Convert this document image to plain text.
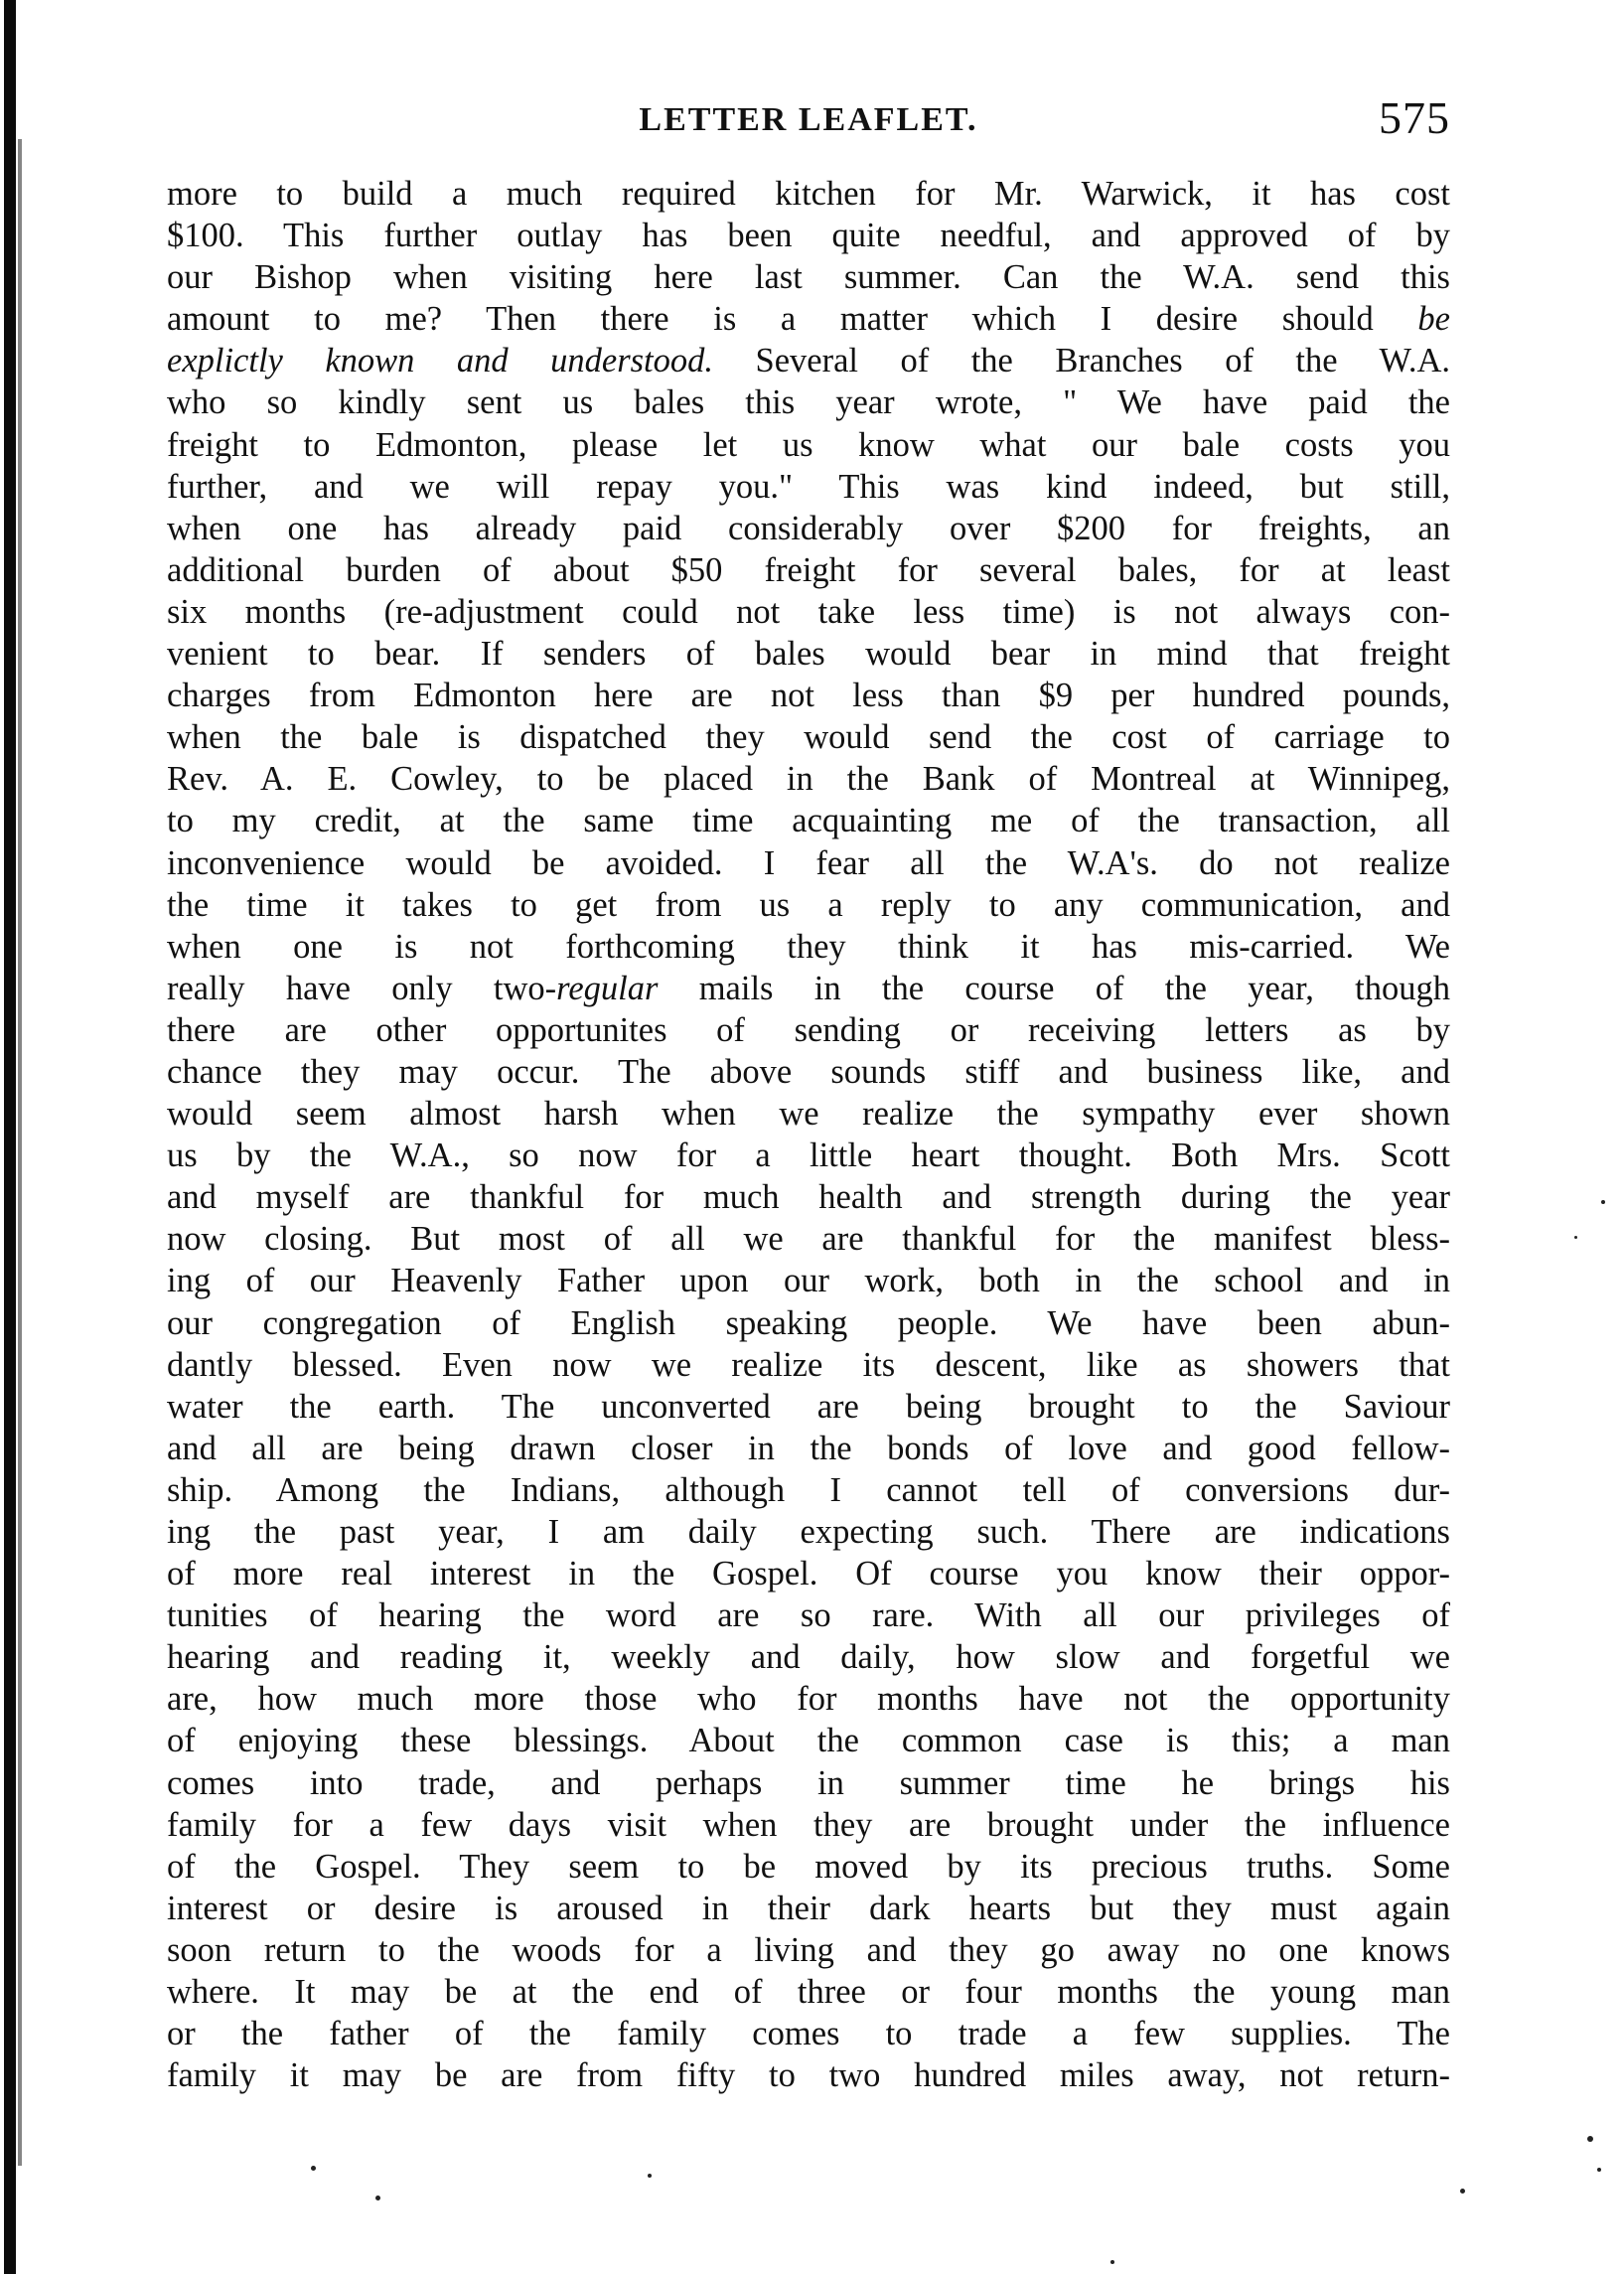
LETTER LEAFLET.	575
more to build a much required kitchen for Mr. Warwick, it has cost
$100. This further outlay has been quite needful, and approved of by
our Bishop when visiting here last summer. Can the W.A. send this
amount to me? Then there is a matter which I desire should be
explictly known and understood. Several of the Branches of the W.A.
who so kindly sent us bales this year wrote, " We have paid the
freight to Edmonton, please let us know what our bale costs you
further, and we will repay you." This was kind indeed, but still,
when one has already paid considerably over $200 for freights, an
additional burden of about $50 freight for several bales, for at least
six months (re-adjustment could not take less time) is not always con-
venient to bear. If senders of bales would bear in mind that freight
charges from Edmonton here are not less than $9 per hundred pounds,
when the bale is dispatched they would send the cost of carriage to
Rev. A. E. Cowley, to be placed in the Bank of Montreal at Winnipeg,
to my credit, at the same time acquainting me of the transaction, all
inconvenience would be avoided. I fear all the W.A's. do not realize
the time it takes to get from us a reply to any communication, and
when one is not forthcoming they think it has mis-carried. We
really have only two-regular mails in the course of the year, though
there are other opportunites of sending or receiving letters as by
chance they may occur. The above sounds stiff and business like, and
would seem almost harsh when we realize the sympathy ever shown
us by the W.A., so now for a little heart thought. Both Mrs. Scott
and myself are thankful for much health and strength during the year
now closing. But most of all we are thankful for the manifest bless-
ing of our Heavenly Father upon our work, both in the school and in
our congregation of English speaking people. We have been abun-
dantly blessed. Even now we realize its descent, like as showers that
water the earth. The unconverted are being brought to the Saviour
and all are being drawn closer in the bonds of love and good fellow-
ship. Among the Indians, although I cannot tell of conversions dur-
ing the past year, I am daily expecting such. There are indications
of more real interest in the Gospel. Of course you know their oppor-
tunities of hearing the word are so rare. With all our privileges of
hearing and reading it, weekly and daily, how slow and forgetful we
are, how much more those who for months have not the opportunity
of enjoying these blessings. About the common case is this; a man
comes into trade, and perhaps in summer time he brings his
family for a few days visit when they are brought under the influence
of the Gospel. They seem to be moved by its precious truths. Some
interest or desire is aroused in their dark hearts but they must again
soon return to the woods for a living and they go away no one knows
where. It may be at the end of three or four months the young man
or the father of the family comes to trade a few supplies. The
family it may be are from fifty to two hundred miles away, not return-
